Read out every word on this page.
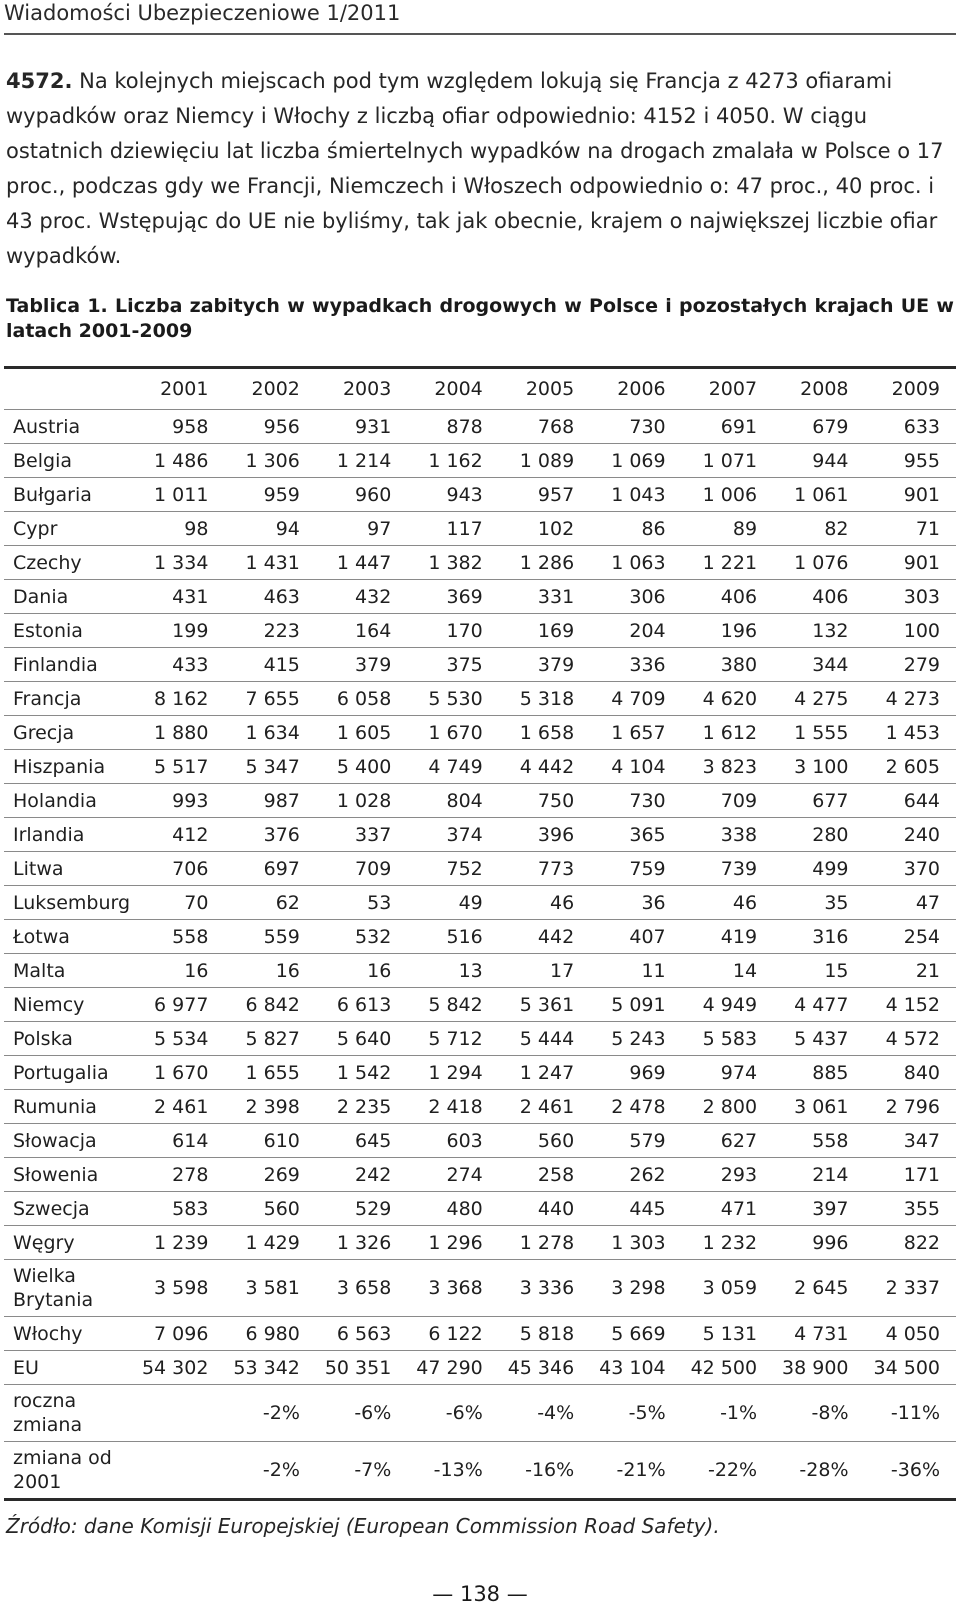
Wiadomości Ubezpieczeniowe 1/2011
4572. Na kolejnych miejscach pod tym względem lokują się Francja z 4273 ofiarami wypadków oraz Niemcy i Włochy z liczbą ofiar odpowiednio: 4152 i 4050. W ciągu ostatnich dziewięciu lat liczba śmiertelnych wypadków na drogach zmalała w Polsce o 17 proc., podczas gdy we Francji, Niemczech i Włoszech odpowiednio o: 47 proc., 40 proc. i 43 proc. Wstępując do UE nie byliśmy, tak jak obecnie, krajem o największej liczbie ofiar wypadków.
Tablica 1. Liczba zabitych w wypadkach drogowych w Polsce i pozostałych krajach UE w latach 2001-2009
	2001	2002	2003	2004	2005	2006	2007	2008	2009
Austria	958	956	931	878	768	730	691	679	633
Belgia	1 486	1 306	1 214	1 162	1 089	1 069	1 071	944	955
Bułgaria	1 011	959	960	943	957	1 043	1 006	1 061	901
Cypr	98	94	97	117	102	86	89	82	71
Czechy	1 334	1 431	1 447	1 382	1 286	1 063	1 221	1 076	901
Dania	431	463	432	369	331	306	406	406	303
Estonia	199	223	164	170	169	204	196	132	100
Finlandia	433	415	379	375	379	336	380	344	279
Francja	8 162	7 655	6 058	5 530	5 318	4 709	4 620	4 275	4 273
Grecja	1 880	1 634	1 605	1 670	1 658	1 657	1 612	1 555	1 453
Hiszpania	5 517	5 347	5 400	4 749	4 442	4 104	3 823	3 100	2 605
Holandia	993	987	1 028	804	750	730	709	677	644
Irlandia	412	376	337	374	396	365	338	280	240
Litwa	706	697	709	752	773	759	739	499	370
Luksemburg	70	62	53	49	46	36	46	35	47
Łotwa	558	559	532	516	442	407	419	316	254
Malta	16	16	16	13	17	11	14	15	21
Niemcy	6 977	6 842	6 613	5 842	5 361	5 091	4 949	4 477	4 152
Polska	5 534	5 827	5 640	5 712	5 444	5 243	5 583	5 437	4 572
Portugalia	1 670	1 655	1 542	1 294	1 247	969	974	885	840
Rumunia	2 461	2 398	2 235	2 418	2 461	2 478	2 800	3 061	2 796
Słowacja	614	610	645	603	560	579	627	558	347
Słowenia	278	269	242	274	258	262	293	214	171
Szwecja	583	560	529	480	440	445	471	397	355
Węgry	1 239	1 429	1 326	1 296	1 278	1 303	1 232	996	822
Wielka Brytania	3 598	3 581	3 658	3 368	3 336	3 298	3 059	2 645	2 337
Włochy	7 096	6 980	6 563	6 122	5 818	5 669	5 131	4 731	4 050
EU	54 302	53 342	50 351	47 290	45 346	43 104	42 500	38 900	34 500
roczna zmiana		-2%	-6%	-6%	-4%	-5%	-1%	-8%	-11%
zmiana od 2001		-2%	-7%	-13%	-16%	-21%	-22%	-28%	-36%
Źródło: dane Komisji Europejskiej (European Commission Road Safety).
— 138 —
